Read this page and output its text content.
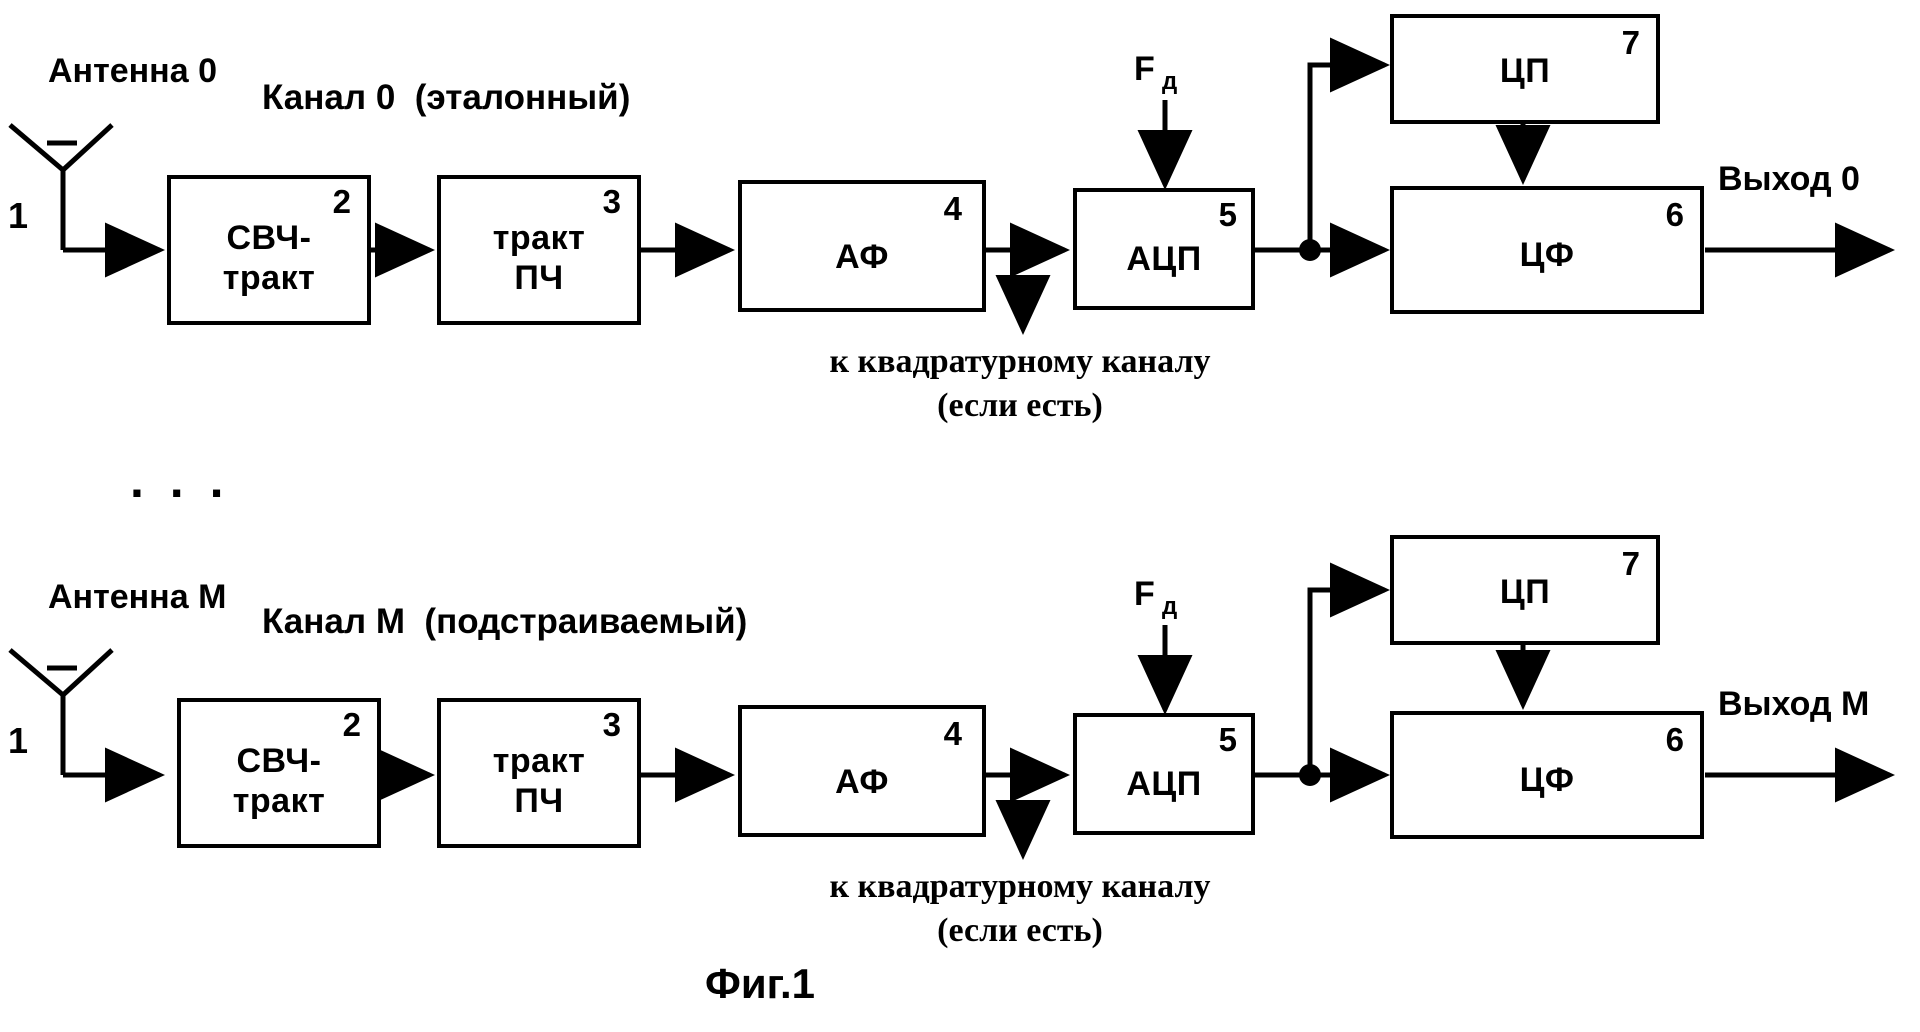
Антенна 0
1
Канал 0  (эталонный)
2
СВЧ-
тракт
3
тракт
ПЧ
4
АФ
5
АЦП
7
ЦП
6
ЦФ
F д
Выход 0
к квадратурному каналу
(если есть)
. . .
Антенна M
1
Канал M  (подстраиваемый)
2
СВЧ-
тракт
3
тракт
ПЧ
4
АФ
5
АЦП
7
ЦП
6
ЦФ
F д
Выход M
к квадратурному каналу
(если есть)
Фиг.1
